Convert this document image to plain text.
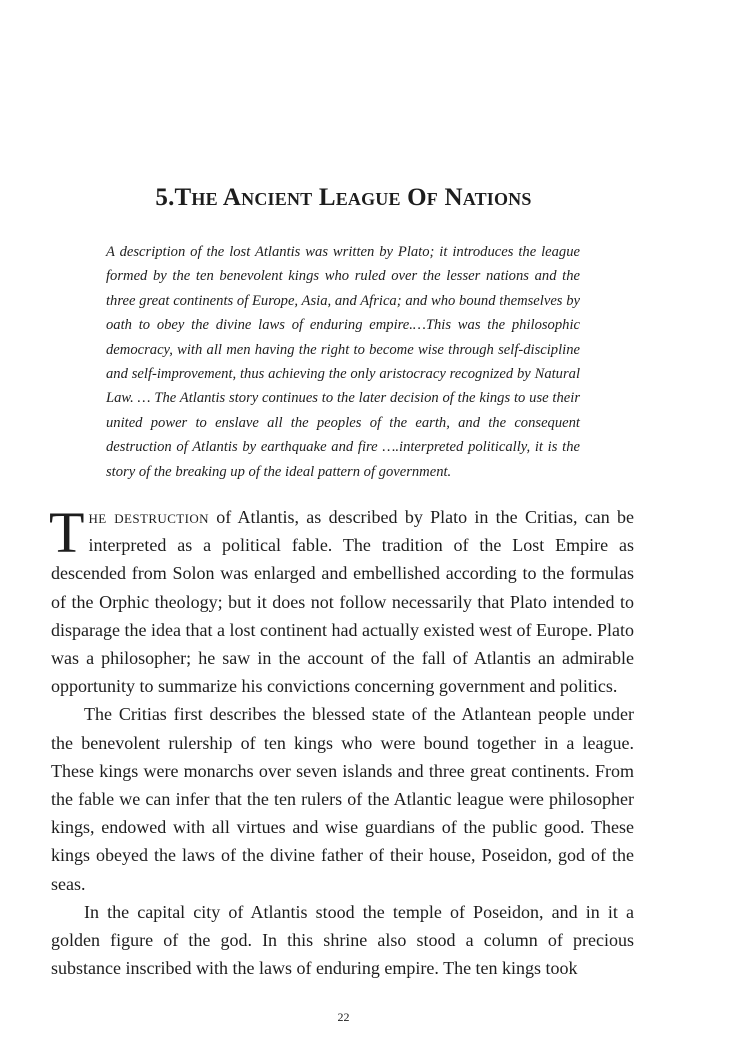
5.The Ancient League Of Nations

A description of the lost Atlantis was written by Plato; it introduces the league formed by the ten benevolent kings who ruled over the lesser nations and the three great continents of Europe, Asia, and Africa; and who bound themselves by oath to obey the divine laws of enduring empire.…This was the philosophic democracy, with all men having the right to become wise through self-discipline and self-improvement, thus achieving the only aristocracy recognized by Natural Law. … The Atlantis story continues to the later decision of the kings to use their united power to enslave all the peoples of the earth, and the consequent destruction of Atlantis by earthquake and fire ….interpreted politically, it is the story of the breaking up of the ideal pattern of government.

The destruction of Atlantis, as described by Plato in the Critias, can be interpreted as a political fable. The tradition of the Lost Empire as descended from Solon was enlarged and embellished according to the formulas of the Orphic theology; but it does not follow necessarily that Plato intended to disparage the idea that a lost continent had actually existed west of Europe. Plato was a philosopher; he saw in the account of the fall of Atlantis an admirable opportunity to summarize his convictions concerning government and politics.

The Critias first describes the blessed state of the Atlantean people under the benevolent rulership of ten kings who were bound together in a league. These kings were monarchs over seven islands and three great continents. From the fable we can infer that the ten rulers of the Atlantic league were philosopher kings, endowed with all virtues and wise guardians of the public good. These kings obeyed the laws of the divine father of their house, Poseidon, god of the seas.

In the capital city of Atlantis stood the temple of Poseidon, and in it a golden figure of the god. In this shrine also stood a column of precious substance inscribed with the laws of enduring empire. The ten kings took

22
